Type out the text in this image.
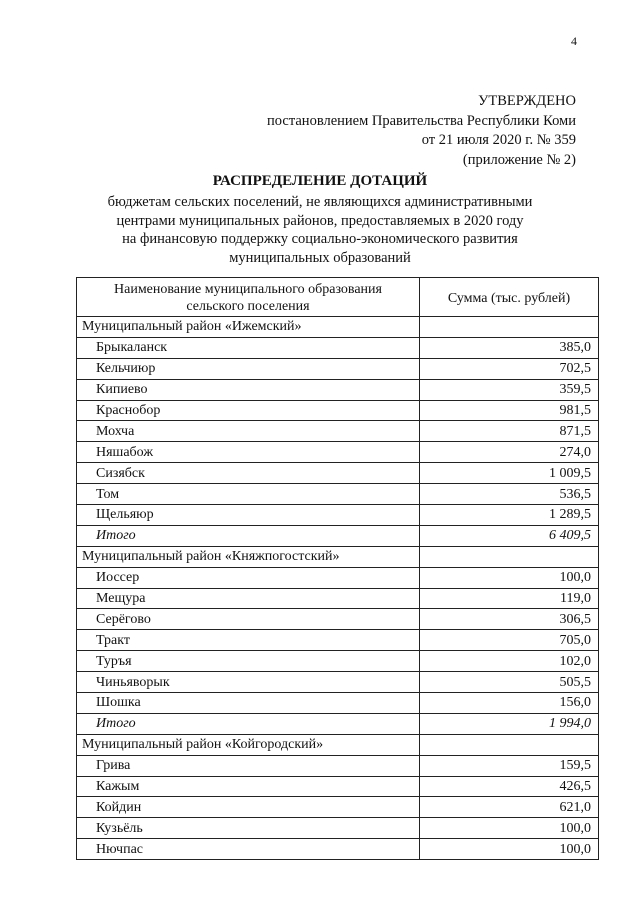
4
УТВЕРЖДЕНО
постановлением Правительства Республики Коми
от 21 июля 2020 г. № 359
(приложение № 2)
РАСПРЕДЕЛЕНИЕ ДОТАЦИЙ
бюджетам сельских поселений, не являющихся административными
центрами муниципальных районов, предоставляемых в 2020 году
на финансовую поддержку социально-экономического развития
муниципальных образований
Наименование муниципального образования
сельского поселения	Сумма (тыс. рублей)
Муниципальный район «Ижемский»	
Брыкаланск	385,0
Кельчиюр	702,5
Кипиево	359,5
Краснобор	981,5
Мохча	871,5
Няшабож	274,0
Сизябск	1 009,5
Том	536,5
Щельяюр	1 289,5
Итого	6 409,5
Муниципальный район «Княжпогостский»	
Иоссер	100,0
Мещура	119,0
Серёгово	306,5
Тракт	705,0
Туръя	102,0
Чиньяворык	505,5
Шошка	156,0
Итого	1 994,0
Муниципальный район «Койгородский»	
Грива	159,5
Кажым	426,5
Койдин	621,0
Кузьёль	100,0
Нючпас	100,0
